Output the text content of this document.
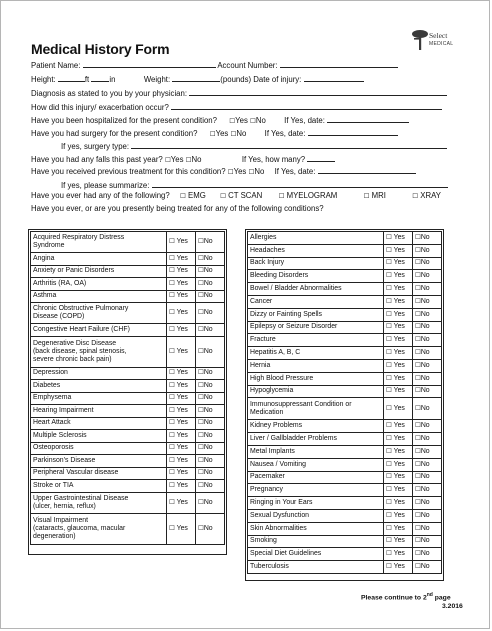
Medical History Form
Select
MEDICAL
Patient Name:	Account Number:
Height:	ft	in	Weight:	(pounds) Date of injury:
Diagnosis as stated to you by your physician:
How did this injury/ exacerbation occur?
Have you been hospitalized for the present condition? ☐Yes ☐No If Yes, date:
Have you had surgery for the present condition? ☐Yes ☐No If Yes, date:
If yes, surgery type:
Have you had any falls this past year? ☐Yes ☐No	If Yes, how many?
Have you received previous treatment for this condition? ☐Yes ☐No If Yes, date:
If yes, please summarize:
Have you ever had any of the following? ☐ EMG ☐ CT SCAN	☐ MYELOGRAM	☐ MRI	☐ XRAY
Have you ever, or are you presently being treated for any of the following conditions?
Acquired Respiratory Distress
Syndrome	☐ Yes	☐No
Angina	☐ Yes	☐No
Anxiety or Panic Disorders	☐ Yes	☐No
Arthritis (RA, OA)	☐ Yes	☐No
Asthma	☐ Yes	☐No
Chronic Obstructive Pulmonary
Disease (COPD)	☐ Yes	☐No
Congestive Heart Failure (CHF)	☐ Yes	☐No
Degenerative Disc Disease
(back disease, spinal stenosis,
severe chronic back pain)	☐ Yes	☐No
Depression	☐ Yes	☐No
Diabetes	☐ Yes	☐No
Emphysema	☐ Yes	☐No
Hearing Impairment	☐ Yes	☐No
Heart Attack	☐ Yes	☐No
Multiple Sclerosis	☐ Yes	☐No
Osteoporosis	☐ Yes	☐No
Parkinson’s Disease	☐ Yes	☐No
Peripheral Vascular disease	☐ Yes	☐No
Stroke or TIA	☐ Yes	☐No
Upper Gastrointestinal Disease
(ulcer, hernia, reflux)	☐ Yes	☐No
Visual Impairment
(cataracts, glaucoma, macular
degeneration)	☐ Yes	☐No
Allergies	☐ Yes	☐No
Headaches	☐ Yes	☐No
Back Injury	☐ Yes	☐No
Bleeding Disorders	☐ Yes	☐No
Bowel / Bladder Abnormalities	☐ Yes	☐No
Cancer	☐ Yes	☐No
Dizzy or Fainting Spells	☐ Yes	☐No
Epilepsy or Seizure Disorder	☐ Yes	☐No
Fracture	☐ Yes	☐No
Hepatitis A, B, C	☐ Yes	☐No
Hernia	☐ Yes	☐No
High Blood Pressure	☐ Yes	☐No
Hypoglycemia	☐ Yes	☐No
Immunosuppressant Condition or
Medication	☐ Yes	☐No
Kidney Problems	☐ Yes	☐No
Liver / Gallbladder Problems	☐ Yes	☐No
Metal Implants	☐ Yes	☐No
Nausea / Vomiting	☐ Yes	☐No
Pacemaker	☐ Yes	☐No
Pregnancy	☐ Yes	☐No
Ringing in Your Ears	☐ Yes	☐No
Sexual Dysfunction	☐ Yes	☐No
Skin Abnormalities	☐ Yes	☐No
Smoking	☐ Yes	☐No
Special Diet Guidelines	☐ Yes	☐No
Tuberculosis	☐ Yes	☐No
Please continue to 2nd page
3.2016
